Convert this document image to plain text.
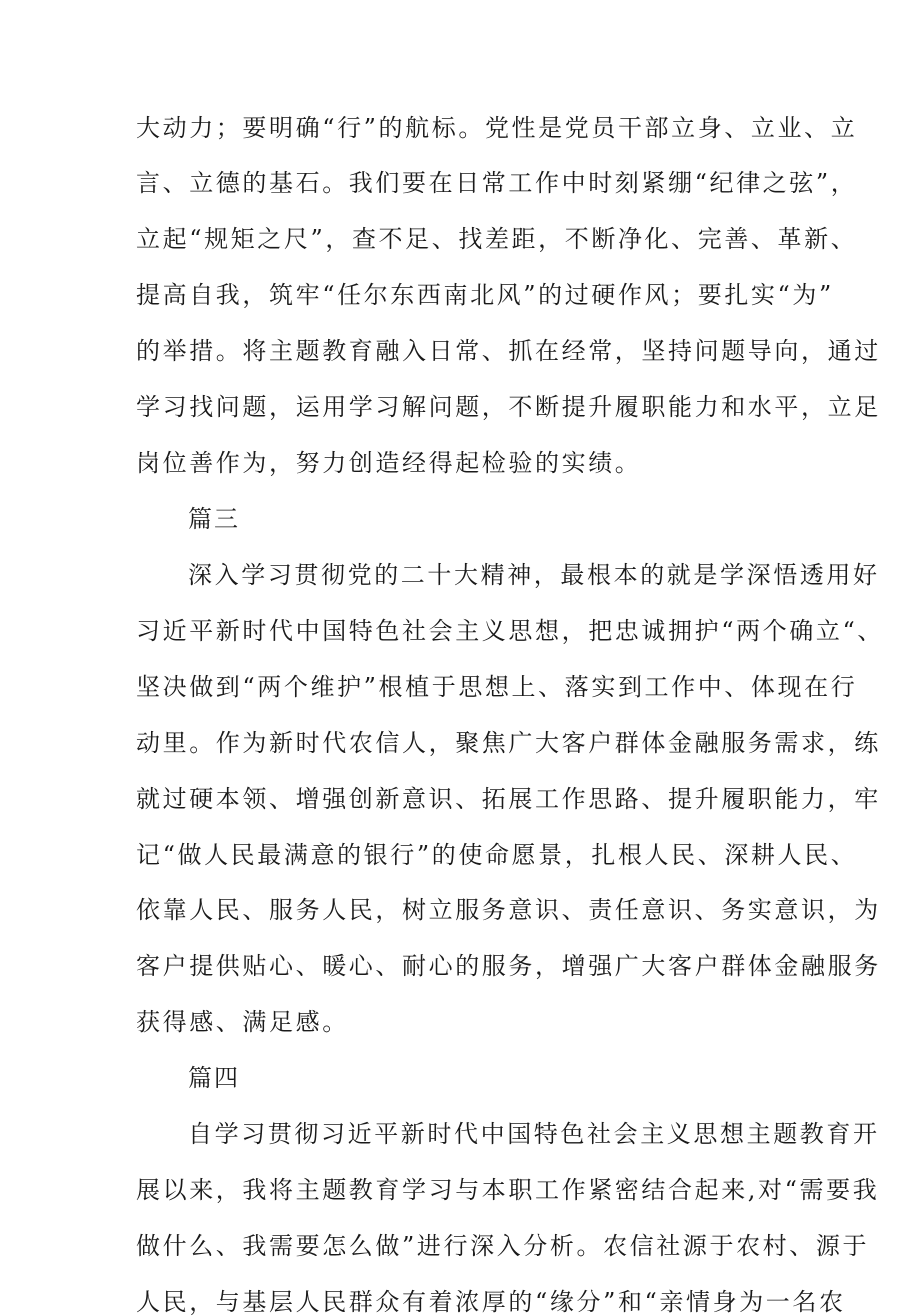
大动力；要明确“行”的航标。党性是党员干部立身、立业、立

言、立德的基石。我们要在日常工作中时刻紧绷“纪律之弦”，

立起“规矩之尺”，查不足、找差距，不断净化、完善、革新、

提高自我，筑牢“任尔东西南北风”的过硬作风；要扎实“为”

的举措。将主题教育融入日常、抓在经常，坚持问题导向，通过

学习找问题，运用学习解问题，不断提升履职能力和水平，立足

岗位善作为，努力创造经得起检验的实绩。

篇三

深入学习贯彻党的二十大精神，最根本的就是学深悟透用好

习近平新时代中国特色社会主义思想，把忠诚拥护“两个确立“、

坚决做到“两个维护”根植于思想上、落实到工作中、体现在行

动里。作为新时代农信人，聚焦广大客户群体金融服务需求，练

就过硬本领、增强创新意识、拓展工作思路、提升履职能力，牢

记“做人民最满意的银行”的使命愿景，扎根人民、深耕人民、

依靠人民、服务人民，树立服务意识、责任意识、务实意识，为

客户提供贴心、暖心、耐心的服务，增强广大客户群体金融服务

获得感、满足感。

篇四

自学习贯彻习近平新时代中国特色社会主义思想主题教育开

展以来，我将主题教育学习与本职工作紧密结合起来,对“需要我

做什么、我需要怎么做”进行深入分析。农信社源于农村、源于

人民，与基层人民群众有着浓厚的“缘分”和“亲情身为一名农
